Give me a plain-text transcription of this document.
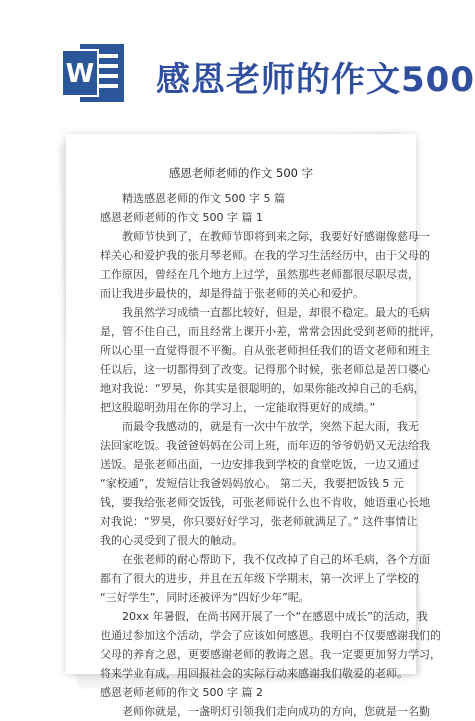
W 感恩老师的作文500
感恩老师老师的作文 500 字
精选感恩老师的作文 500 字 5 篇
感恩老师老师的作文 500 字 篇 1
教师节快到了，在教师节即将到来之际，我要好好感谢像慈母一
样关心和爱护我的张月琴老师。在我的学习生活经历中，由于父母的
工作原因，曾经在几个地方上过学，虽然那些老师都很尽职尽责，
而让我进步最快的，却是得益于张老师的关心和爱护。
我虽然学习成绩一直都比较好，但是，却很不稳定。最大的毛病
是，管不住自己，而且经常上课开小差，常常会因此受到老师的批评，
所以心里一直觉得很不平衡。自从张老师担任我们的语文老师和班主
任以后，这一切都得到了改变。记得那个时候，张老师总是苦口婆心
地对我说：“罗昊，你其实是很聪明的，如果你能改掉自己的毛病，
把这股聪明劲用在你的学习上，一定能取得更好的成绩。”
而最令我感动的，就是有一次中午放学，突然下起大雨，我无
法回家吃饭。我爸爸妈妈在公司上班，而年迈的爷爷奶奶又无法给我
送饭。是张老师出面，一边安排我到学校的食堂吃饭，一边又通过
“家校通”，发短信让我爸妈妈放心。 第二天，我要把饭钱 5 元
钱，要我给张老师交饭钱，可张老师说什么也不肯收，她语重心长地
对我说：“罗昊，你只要好好学习，张老师就满足了。” 这件事情让
我的心灵受到了很大的触动。
在张老师的耐心帮助下，我不仅改掉了自己的坏毛病，各个方面
都有了很大的进步，并且在五年级下学期末，第一次评上了学校的
“三好学生”，同时还被评为“四好少年”呢。
20xx 年暑假，在尚书网开展了一个“在感恩中成长”的活动，我
也通过参加这个活动，学会了应该如何感恩。我明白不仅要感谢我们的
父母的养育之恩，更要感谢老师的教诲之恩。我一定要更加努力学习，
将来学业有成，用回报社会的实际行动来感谢我们敬爱的老师。
感恩老师老师的作文 500 字 篇 2
老师你就是，一盏明灯引领我们走向成功的方向，您就是一名勤
